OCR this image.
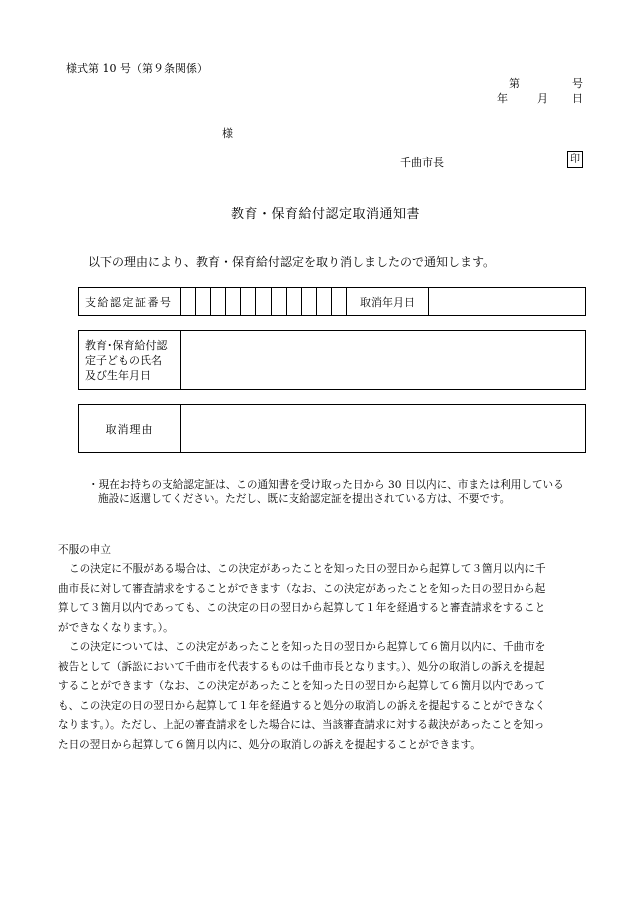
様式第 10 号（第９条関係）
第	号
年	月 日
様
千曲市長	印
教育・保育給付認定取消通知書
以下の理由により、教育・保育給付認定を取り消しましたので通知します。
支給認定証番号	取消年月日
教育･保育給付認
定子どもの氏名
及び生年月日
取消理由
・現在お持ちの支給認定証は、この通知書を受け取った日から 30 日以内に、市または利用している
施設に返還してください。ただし、既に支給認定証を提出されている方は、不要です。
不服の申立
この決定に不服がある場合は、この決定があったことを知った日の翌日から起算して３箇月以内に千
曲市長に対して審査請求をすることができます（なお、この決定があったことを知った日の翌日から起
算して３箇月以内であっても、この決定の日の翌日から起算して１年を経過すると審査請求をすること
ができなくなります。）。
この決定については、この決定があったことを知った日の翌日から起算して６箇月以内に、千曲市を
被告として（訴訟において千曲市を代表するものは千曲市長となります。）、処分の取消しの訴えを提起
することができます（なお、この決定があったことを知った日の翌日から起算して６箇月以内であって
も、この決定の日の翌日から起算して１年を経過すると処分の取消しの訴えを提起することができなく
なります。）。ただし、上記の審査請求をした場合には、当該審査請求に対する裁決があったことを知っ
た日の翌日から起算して６箇月以内に、処分の取消しの訴えを提起することができます。
